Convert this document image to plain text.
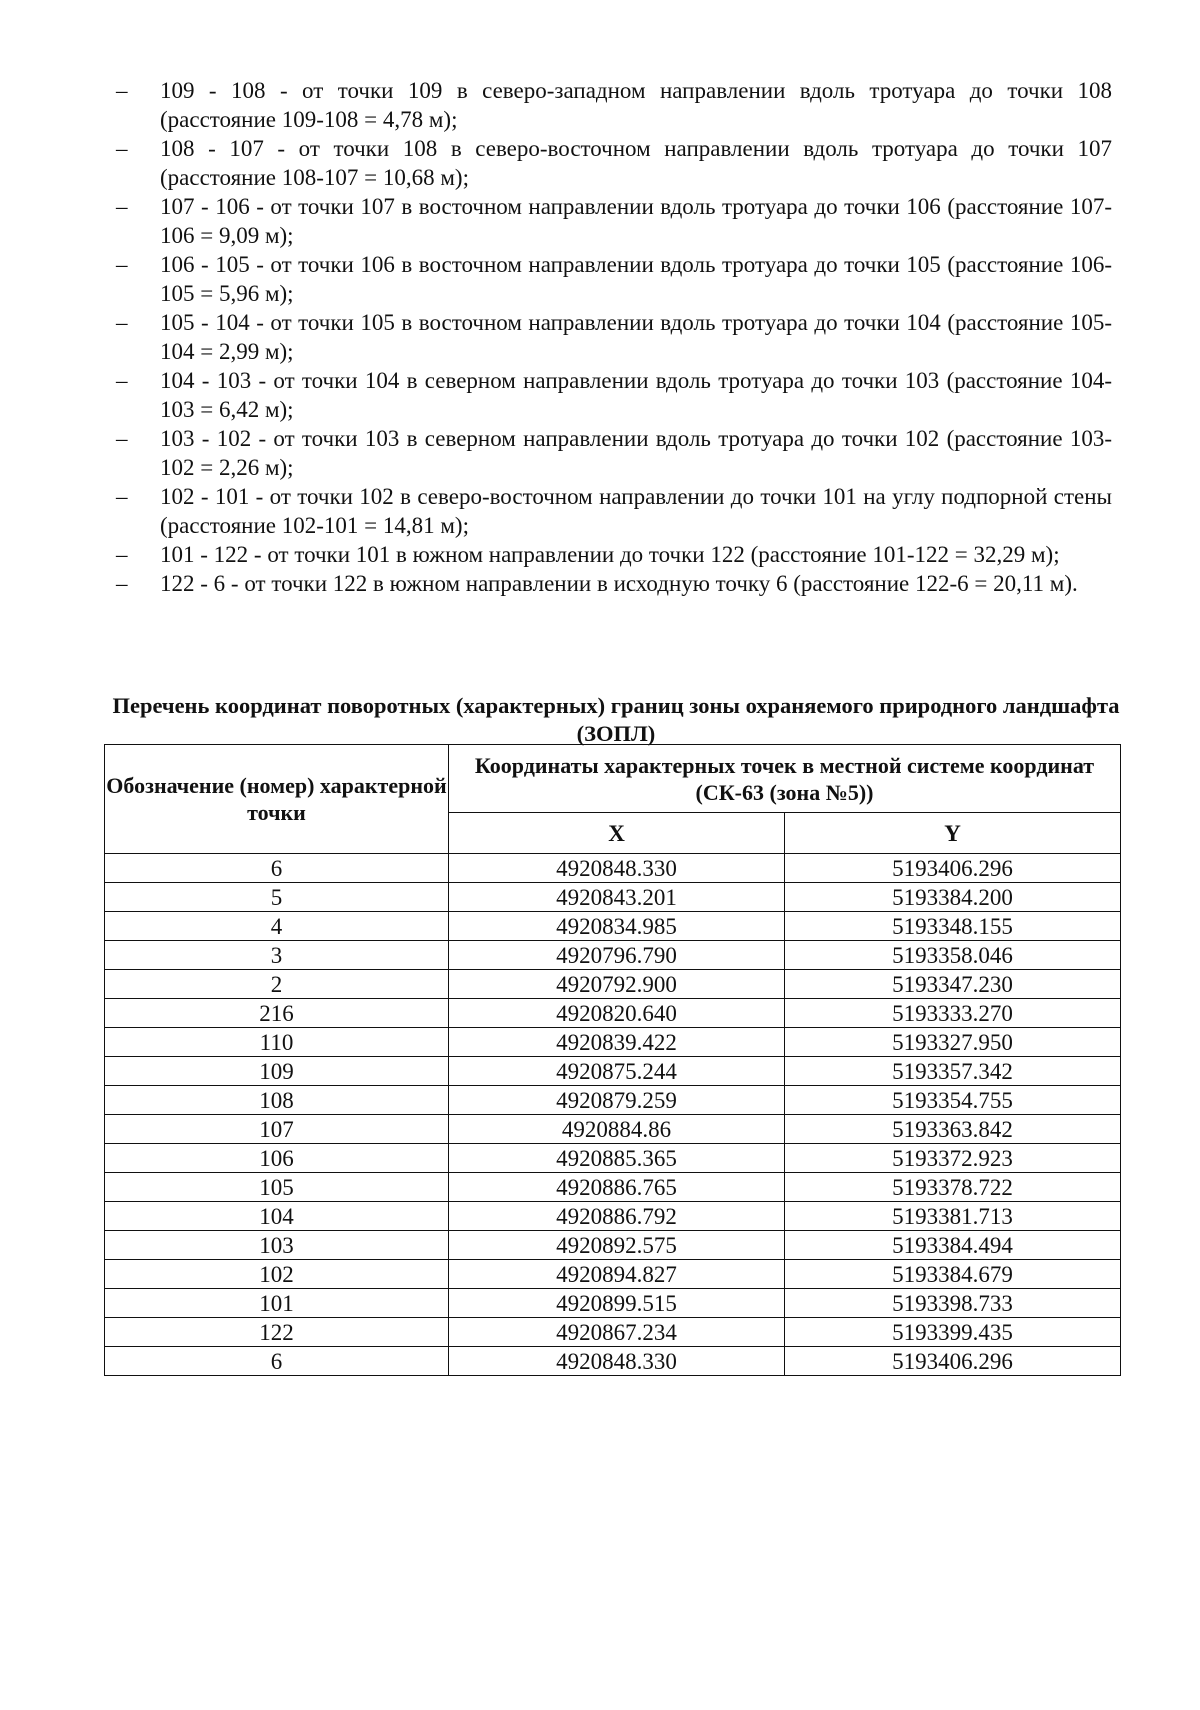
–	109 - 108 - от точки 109 в северо-западном направлении вдоль тротуара до точки 108 (расстояние 109-108 = 4,78 м);
–	108 - 107 - от точки 108 в северо-восточном направлении вдоль тротуара до точки 107 (расстояние 108-107 = 10,68 м);
–	107 - 106 - от точки 107 в восточном направлении вдоль тротуара до точки 106 (расстояние 107-106 = 9,09 м);
–	106 - 105 - от точки 106 в восточном направлении вдоль тротуара до точки 105 (расстояние 106-105 = 5,96 м);
–	105 - 104 - от точки 105 в восточном направлении вдоль тротуара до точки 104 (расстояние 105-104 = 2,99 м);
–	104 - 103 - от точки 104 в северном направлении вдоль тротуара до точки 103 (расстояние 104-103 = 6,42 м);
–	103 - 102 - от точки 103 в северном направлении вдоль тротуара до точки 102 (расстояние 103-102 = 2,26 м);
–	102 - 101 - от точки 102 в северо-восточном направлении до точки 101 на углу подпорной стены (расстояние 102-101 = 14,81 м);
–	101 - 122 - от точки 101 в южном направлении до точки 122 (расстояние 101-122 = 32,29 м);
–	122 - 6 - от точки 122 в южном направлении в исходную точку 6 (расстояние 122-6 = 20,11 м).
Перечень координат поворотных (характерных) границ зоны охраняемого природного ландшафта (ЗОПЛ)
Обозначение (номер) характерной точки	Координаты характерных точек в местной системе координат (СК-63 (зона №5))	
	X	Y
6	4920848.330	5193406.296
5	4920843.201	5193384.200
4	4920834.985	5193348.155
3	4920796.790	5193358.046
2	4920792.900	5193347.230
216	4920820.640	5193333.270
110	4920839.422	5193327.950
109	4920875.244	5193357.342
108	4920879.259	5193354.755
107	4920884.86	5193363.842
106	4920885.365	5193372.923
105	4920886.765	5193378.722
104	4920886.792	5193381.713
103	4920892.575	5193384.494
102	4920894.827	5193384.679
101	4920899.515	5193398.733
122	4920867.234	5193399.435
6	4920848.330	5193406.296
